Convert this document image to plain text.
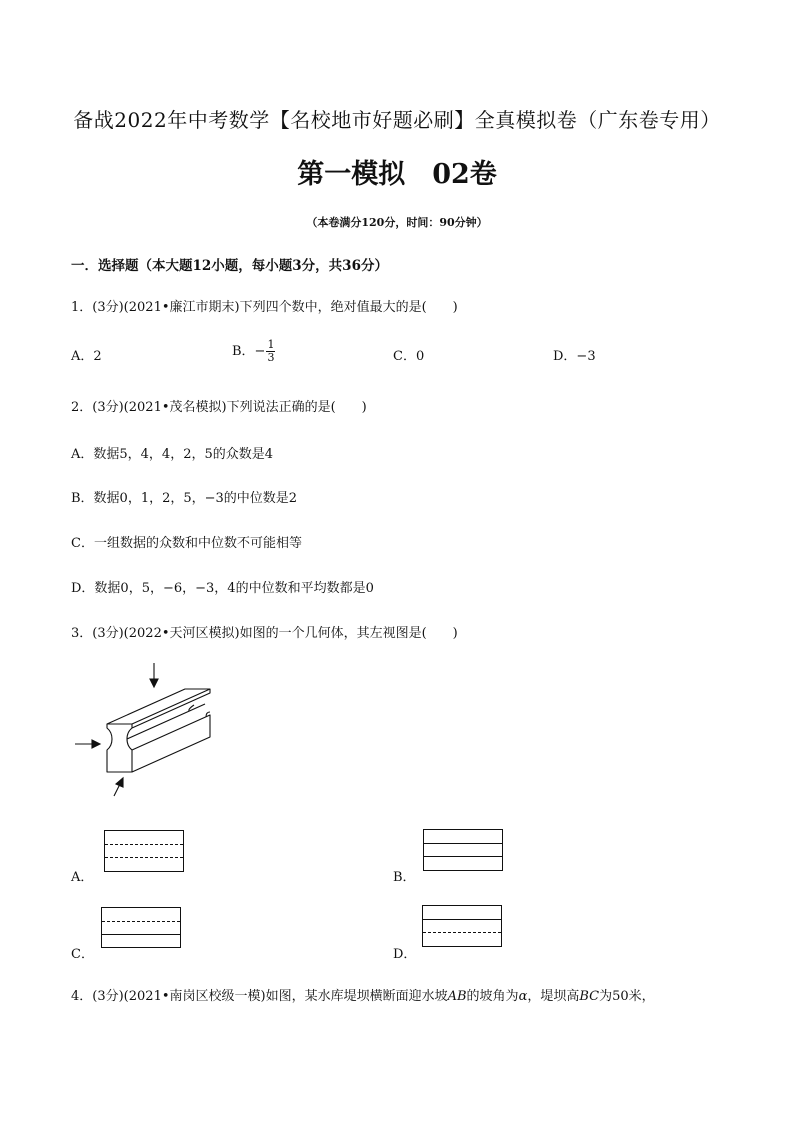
备战2022年中考数学【名校地市好题必刷】全真模拟卷（广东卷专用）
第一模拟　02卷
（本卷满分120分，时间：90分钟）
一．选择题（本大题12小题，每小题3分，共36分）
1．(3分)(2021•廉江市期末)下列四个数中，绝对值最大的是(　　)
A．2	B．− $\frac{1}{3}$	C．0	D．−3
2．(3分)(2021•茂名模拟)下列说法正确的是(　　)
A．数据5，4，4，2，5的众数是4
B．数据0，1，2，5，−3的中位数是2
C．一组数据的众数和中位数不可能相等
D．数据0，5，−6，−3，4的中位数和平均数都是0
3．(3分)(2022•天河区模拟)如图的一个几何体，其左视图是(　　)
A．	B．
C．	D．
4．(3分)(2021•南岗区校级一模)如图，某水库堤坝横断面迎水坡AB的坡角为α，堤坝高BC为50米，
